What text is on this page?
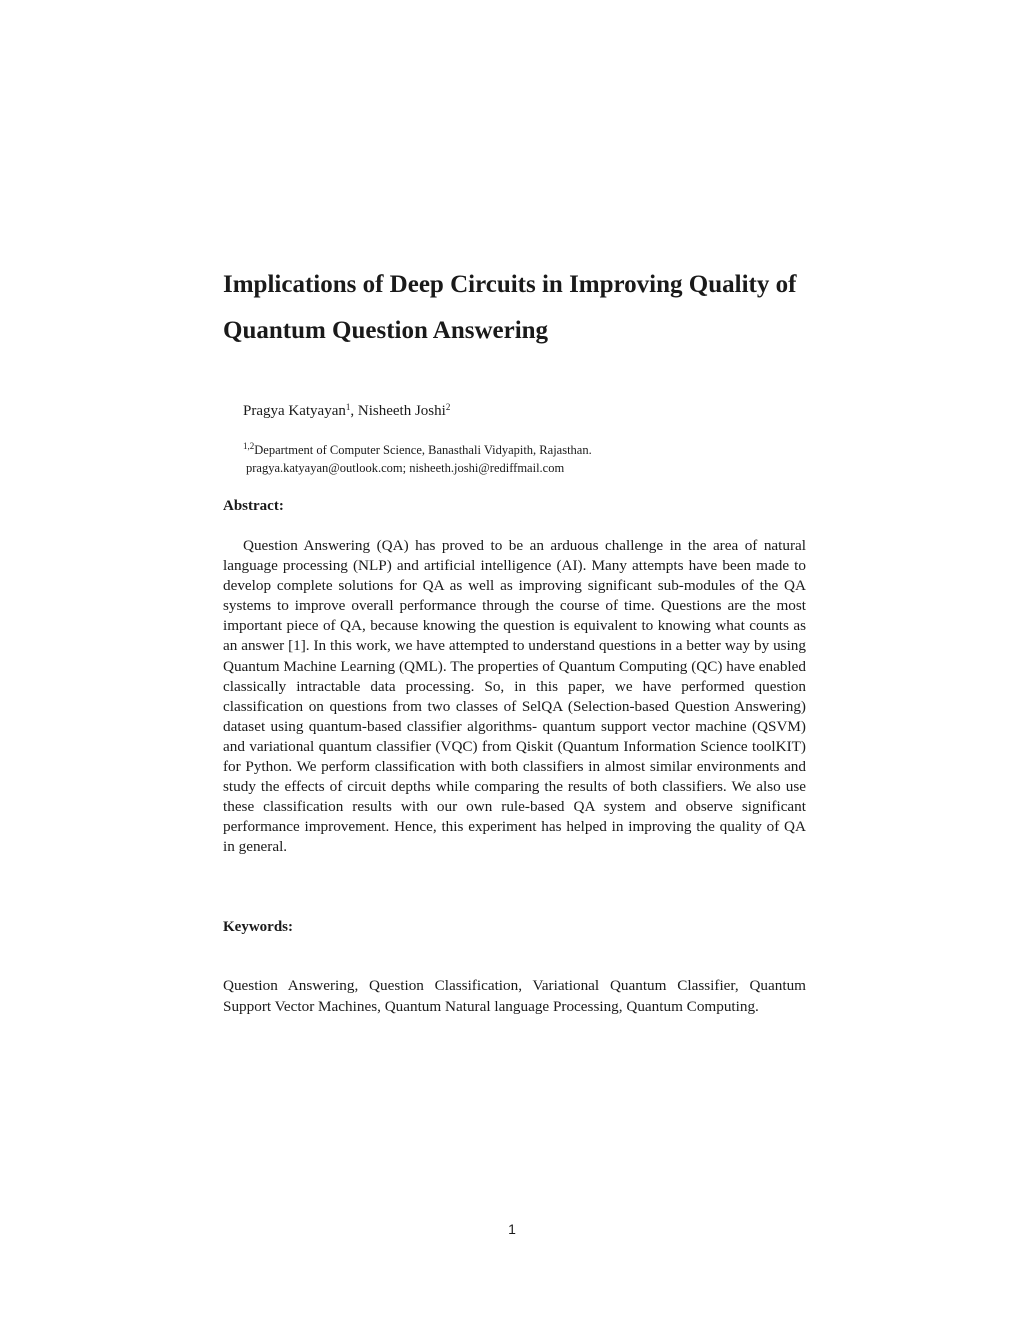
Implications of Deep Circuits in Improving Quality of Quantum Question Answering

Pragya Katyayan$^1$, Nisheeth Joshi$^2$

$^{1,2}$Department of Computer Science, Banasthali Vidyapith, Rajasthan.
pragya.katyayan@outlook.com; nisheeth.joshi@rediffmail.com
Abstract:

Question Answering (QA) has proved to be an arduous challenge in the area of natural language processing (NLP) and artificial intelligence (AI). Many attempts have been made to develop complete solutions for QA as well as improving significant sub-modules of the QA systems to improve overall performance through the course of time. Questions are the most important piece of QA, because knowing the question is equivalent to knowing what counts as an answer [1]. In this work, we have attempted to understand questions in a better way by using Quantum Machine Learning (QML). The properties of Quantum Computing (QC) have enabled classically intractable data processing. So, in this paper, we have performed question classification on questions from two classes of SelQA (Selection-based Question Answering) dataset using quantum-based classifier algorithms- quantum support vector machine (QSVM) and variational quantum classifier (VQC) from Qiskit (Quantum Information Science toolKIT) for Python. We perform classification with both classifiers in almost similar environments and study the effects of circuit depths while comparing the results of both classifiers. We also use these classification results with our own rule-based QA system and observe significant performance improvement. Hence, this experiment has helped in improving the quality of QA in general.

Keywords:

Question Answering, Question Classification, Variational Quantum Classifier, Quantum Support Vector Machines, Quantum Natural language Processing, Quantum Computing.

1
